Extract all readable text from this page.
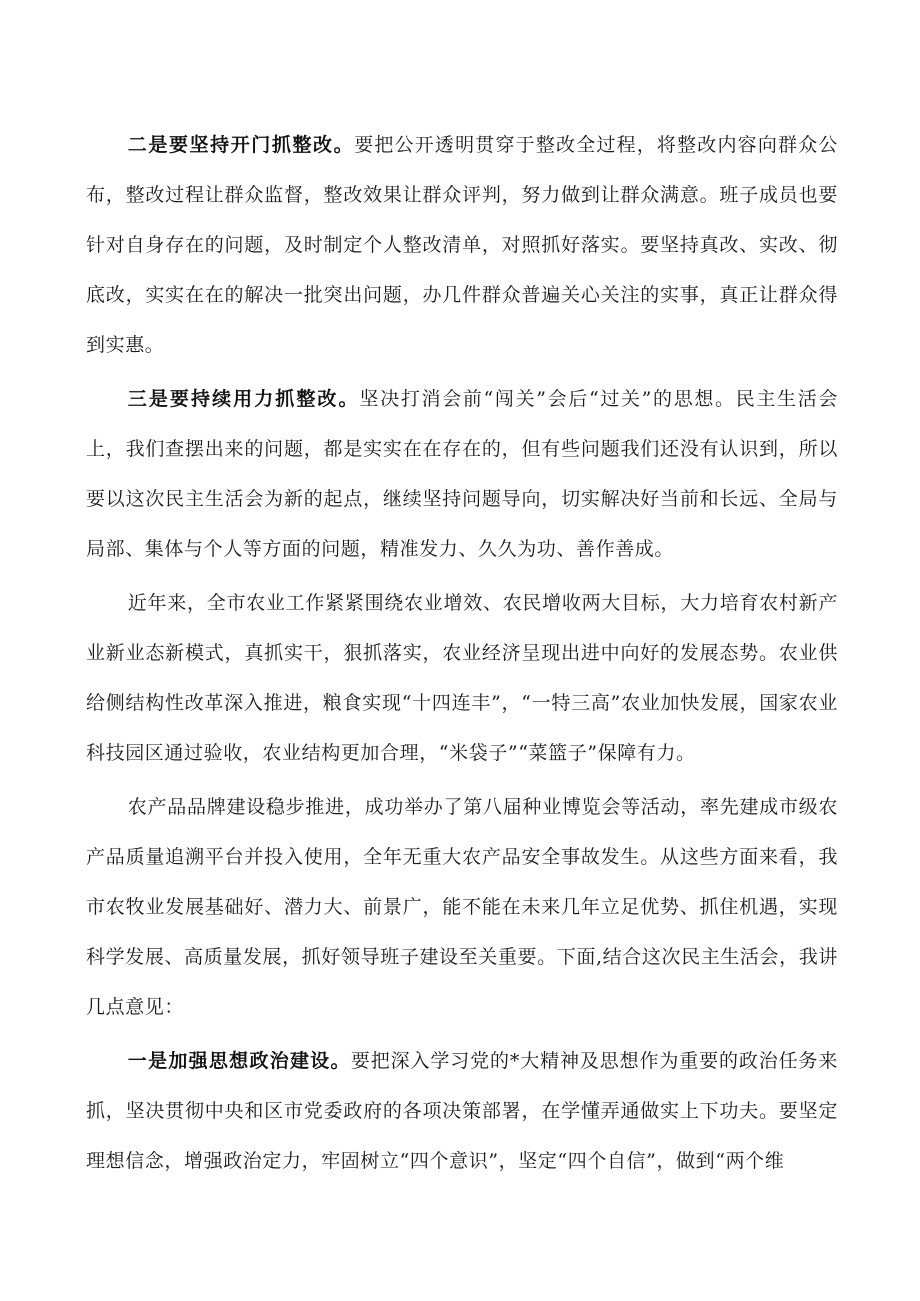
二是要坚持开门抓整改。要把公开透明贯穿于整改全过程，将整改内容向群众公布，整改过程让群众监督，整改效果让群众评判，努力做到让群众满意。班子成员也要针对自身存在的问题，及时制定个人整改清单，对照抓好落实。要坚持真改、实改、彻底改，实实在在的解决一批突出问题，办几件群众普遍关心关注的实事，真正让群众得到实惠。

三是要持续用力抓整改。坚决打消会前“闯关”会后“过关”的思想。民主生活会上，我们查摆出来的问题，都是实实在在存在的，但有些问题我们还没有认识到，所以要以这次民主生活会为新的起点，继续坚持问题导向，切实解决好当前和长远、全局与局部、集体与个人等方面的问题，精准发力、久久为功、善作善成。

近年来，全市农业工作紧紧围绕农业增效、农民增收两大目标，大力培育农村新产业新业态新模式，真抓实干，狠抓落实，农业经济呈现出进中向好的发展态势。农业供给侧结构性改革深入推进，粮食实现“十四连丰”，“一特三高”农业加快发展，国家农业科技园区通过验收，农业结构更加合理，“米袋子”“菜篮子”保障有力。

农产品品牌建设稳步推进，成功举办了第八届种业博览会等活动，率先建成市级农产品质量追溯平台并投入使用，全年无重大农产品安全事故发生。从这些方面来看，我市农牧业发展基础好、潜力大、前景广，能不能在未来几年立足优势、抓住机遇，实现科学发展、高质量发展，抓好领导班子建设至关重要。下面,结合这次民主生活会，我讲几点意见：

一是加强思想政治建设。要把深入学习党的*大精神及思想作为重要的政治任务来抓，坚决贯彻中央和区市党委政府的各项决策部署，在学懂弄通做实上下功夫。要坚定理想信念，增强政治定力，牢固树立“四个意识”，坚定“四个自信”，做到“两个维
